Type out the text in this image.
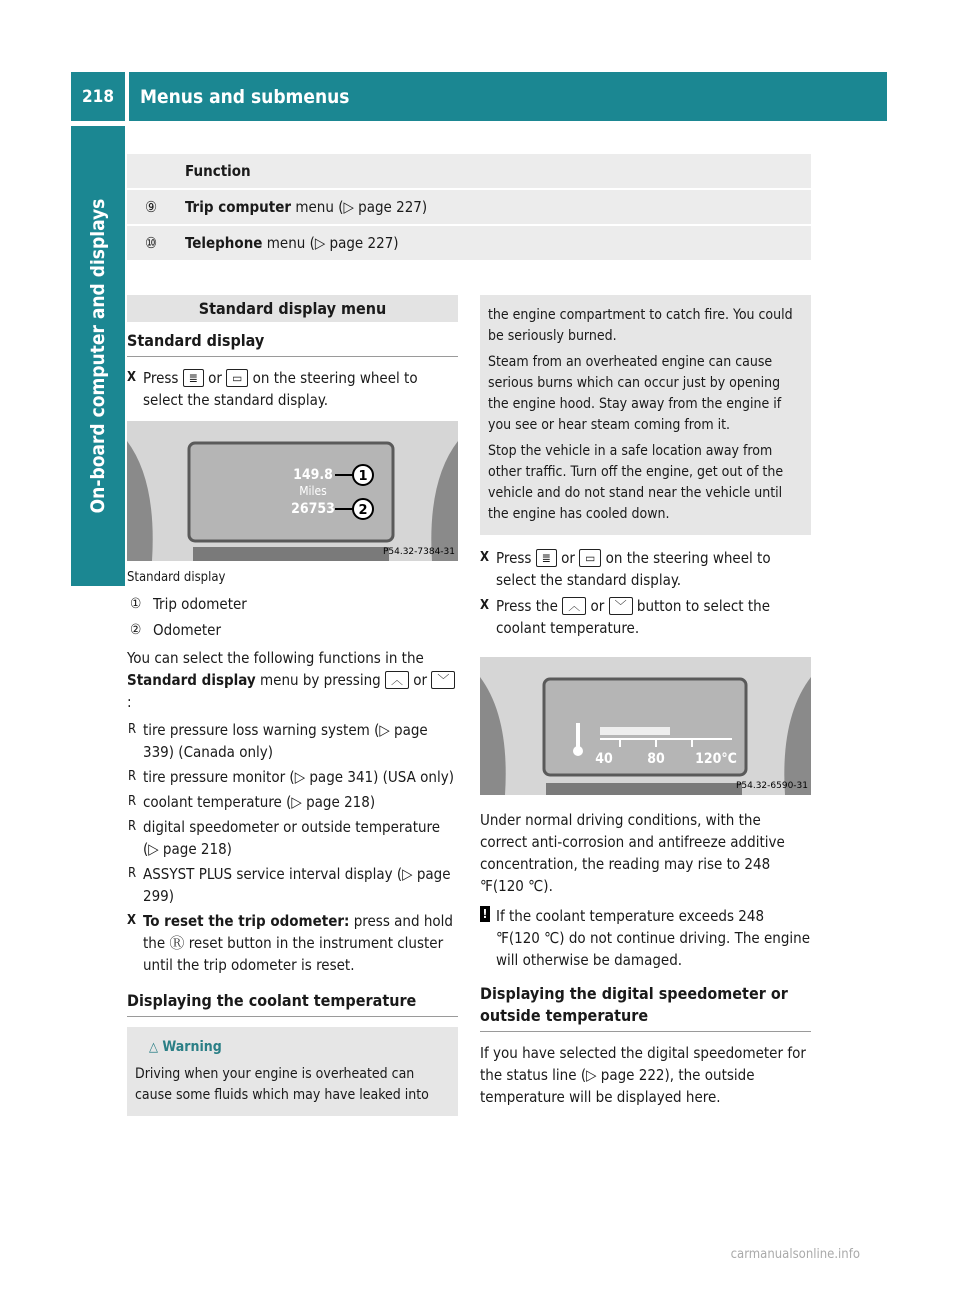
218	Menus and submenus
On-board computer and displays
Function
⑨	Trip computer menu (▷ page 227)
⑩	Telephone menu (▷ page 227)
Standard display menu
Standard display
X Press ≣ or ▭ on the steering wheel to select the standard display.
149.8
Miles
26753
1
2
P54.32-7384-31
Standard display
① Trip odometer
② Odometer
You can select the following functions in the Standard display menu by pressing ︿ or ﹀:
R tire pressure loss warning system (▷ page 339) (Canada only)
R tire pressure monitor (▷ page 341) (USA only)
R coolant temperature (▷ page 218)
R digital speedometer or outside temperature (▷ page 218)
R ASSYST PLUS service interval display (▷ page 299)
X To reset the trip odometer: press and hold the Ⓡ reset button in the instrument cluster until the trip odometer is reset.
Displaying the coolant temperature
△ Warning
Driving when your engine is overheated can cause some fluids which may have leaked into
the engine compartment to catch fire. You could be seriously burned.
Steam from an overheated engine can cause serious burns which can occur just by opening the engine hood. Stay away from the engine if you see or hear steam coming from it.
Stop the vehicle in a safe location away from other traffic. Turn off the engine, get out of the vehicle and do not stand near the vehicle until the engine has cooled down.
X Press ≣ or ▭ on the steering wheel to select the standard display.
X Press the ︿ or ﹀ button to select the coolant temperature.
40 80 120°C
P54.32-6590-31
Under normal driving conditions, with the correct anti-corrosion and antifreeze additive concentration, the reading may rise to 248 ℉(120 ℃).
! If the coolant temperature exceeds 248 ℉(120 ℃) do not continue driving. The engine will otherwise be damaged.
Displaying the digital speedometer or outside temperature
If you have selected the digital speedometer for the status line (▷ page 222), the outside temperature will be displayed here.
carmanualsonline.info
